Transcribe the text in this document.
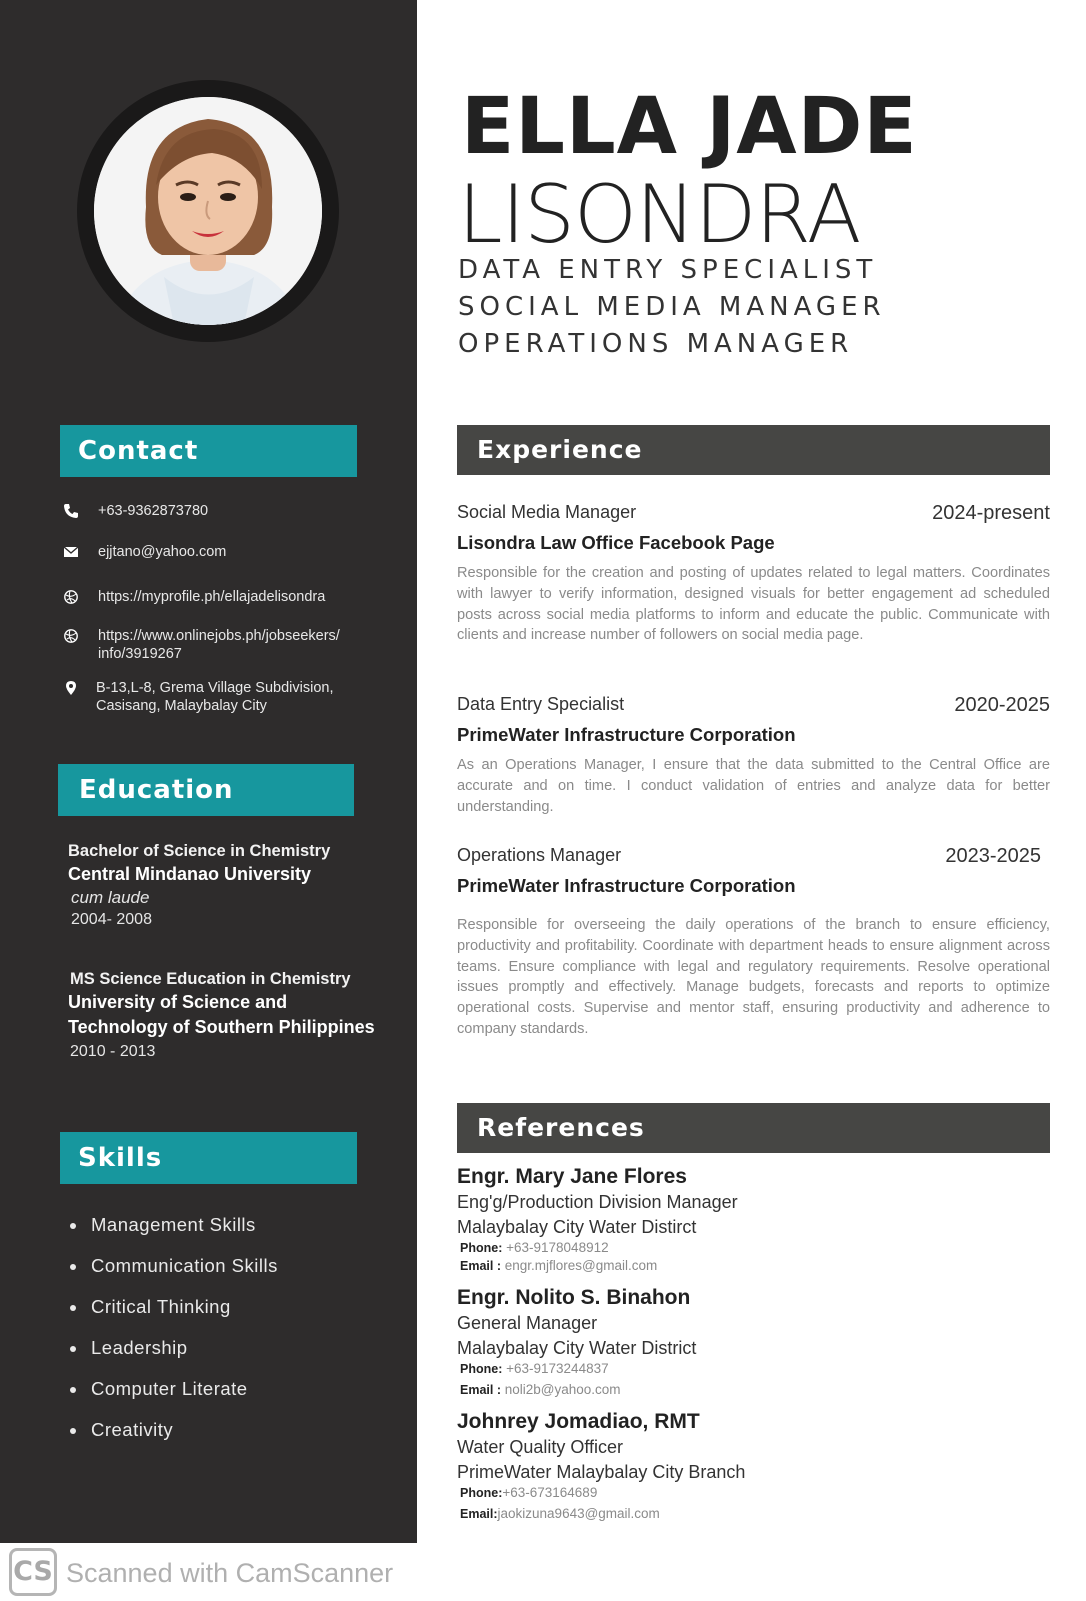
Contact
+63-9362873780
ejjtano@yahoo.com
https://myprofile.ph/ellajadelisondra
https://www.onlinejobs.ph/jobseekers/
info/3919267
B-13,L-8, Grema Village Subdivision,
Casisang, Malaybalay City
Education
Bachelor of Science in Chemistry
Central Mindanao University
cum laude
2004- 2008
MS Science Education in Chemistry
University of Science and
Technology of Southern Philippines
2010 - 2013
Skills
Management Skills
Communication Skills
Critical Thinking
Leadership
Computer Literate
Creativity
ELLA JADE
LISONDRA
DATA ENTRY SPECIALIST
SOCIAL MEDIA MANAGER
OPERATIONS MANAGER
Experience
Social Media Manager	2024-present
Lisondra Law Office Facebook Page
Responsible for the creation and posting of updates related to legal matters. Coordinates with lawyer to verify information, designed visuals for better engagement ad scheduled posts across social media platforms to inform and educate the public. Communicate with clients and increase number of followers on social media page.
Data Entry Specialist	2020-2025
PrimeWater Infrastructure Corporation
As an Operations Manager, I ensure that the data submitted to the Central Office are accurate and on time. I conduct validation of entries and analyze data for better understanding.
Operations Manager	2023-2025
PrimeWater Infrastructure Corporation
Responsible for overseeing the daily operations of the branch to ensure efficiency, productivity and profitability. Coordinate with department heads to ensure alignment across teams. Ensure compliance with legal and regulatory requirements. Resolve operational issues promptly and effectively. Manage budgets, forecasts and reports to optimize operational costs. Supervise and mentor staff, ensuring productivity and adherence to company standards.
References
Engr. Mary Jane Flores
Eng'g/Production Division Manager
Malaybalay City Water Distirct
Phone: +63-9178048912
Email : engr.mjflores@gmail.com
Engr. Nolito S. Binahon
General Manager
Malaybalay City Water District
Phone: +63-9173244837
Email : noli2b@yahoo.com
Johnrey Jomadiao, RMT
Water Quality Officer
PrimeWater Malaybalay City Branch
Phone:+63-673164689
Email:jaokizuna9643@gmail.com
CS Scanned with CamScanner
